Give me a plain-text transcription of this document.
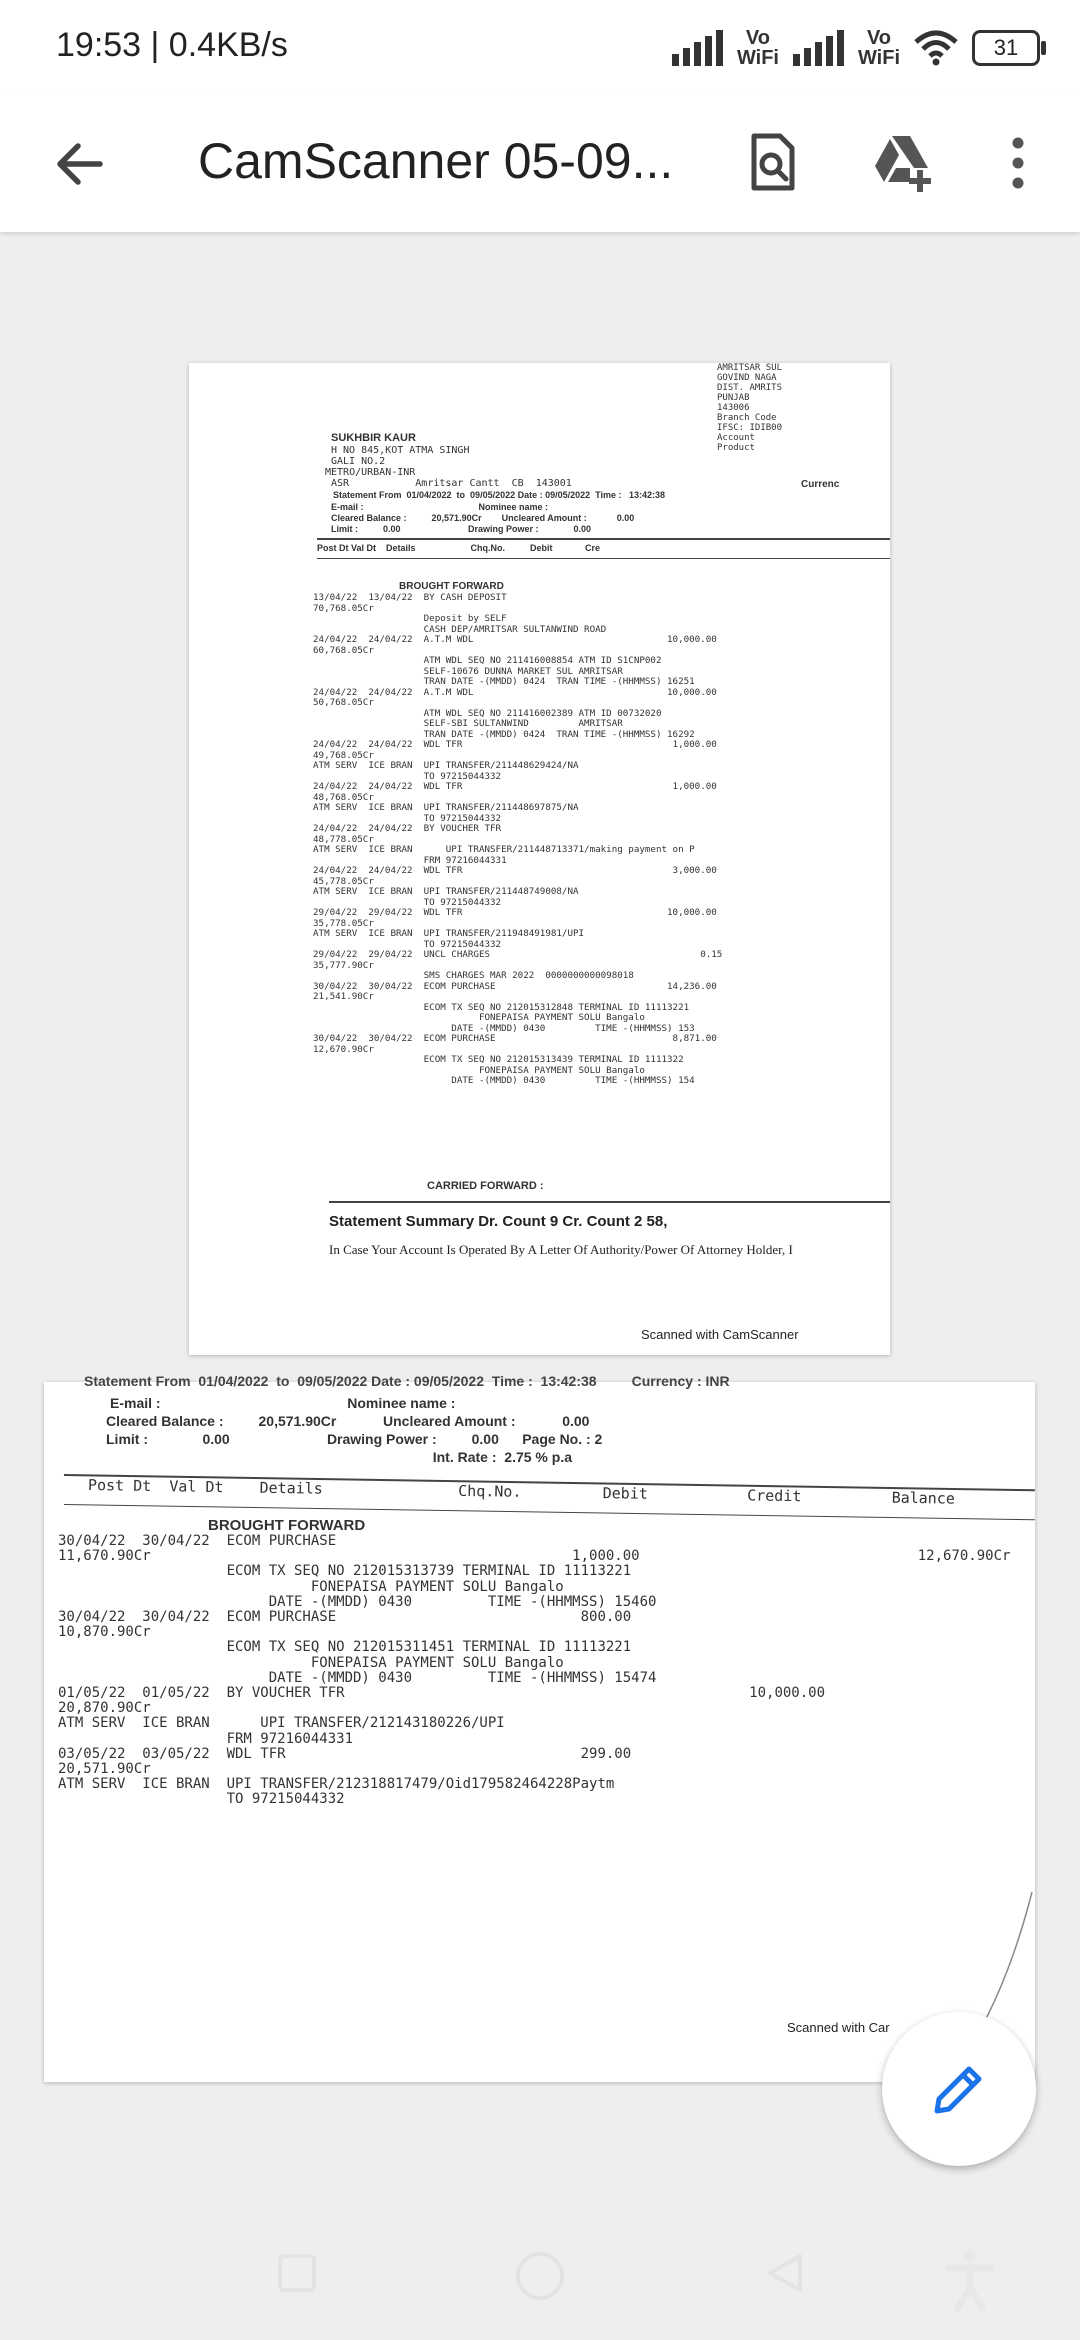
19:53 | 0.4KB/s	Vo
WiFi
Vo
WiFi	31
CamScanner 05-09...
AMRITSAR SUL
GOVIND NAGA
DIST. AMRITS
PUNJAB
143006
Branch Code
IFSC: IDIB00
Account
Product
SUKHBIR KAUR
H NO 845,KOT ATMA SINGH
GALI NO.2
METRO/URBAN-INR
ASR           Amritsar Cantt  CB  143001	Currenc
Statement From  01/04/2022  to  09/05/2022 Date : 09/05/2022  Time :   13:42:38
E-mail :                                              Nominee name :
Cleared Balance :          20,571.90Cr        Uncleared Amount :            0.00
Limit :          0.00                           Drawing Power :              0.00
Post Dt Val Dt    Details                      Chq.No.          Debit             Cre
BROUGHT FORWARD
13/04/22  13/04/22  BY CASH DEPOSIT
70,768.05Cr
Deposit by SELF
CASH DEP/AMRITSAR SULTANWIND ROAD
24/04/22  24/04/22  A.T.M WDL                                   10,000.00
60,768.05Cr
ATM WDL SEQ NO 211416008854 ATM ID S1CNP002
SELF-10676 DUNNA MARKET SUL AMRITSAR
TRAN DATE -(MMDD) 0424  TRAN TIME -(HHMMSS) 16251
24/04/22  24/04/22  A.T.M WDL                                   10,000.00
50,768.05Cr
ATM WDL SEQ NO 211416002389 ATM ID 00732020
SELF-SBI SULTANWIND         AMRITSAR
TRAN DATE -(MMDD) 0424  TRAN TIME -(HHMMSS) 16292
24/04/22  24/04/22  WDL TFR                                      1,000.00
49,768.05Cr
ATM SERV  ICE BRAN  UPI TRANSFER/211448629424/NA
TO 97215044332
24/04/22  24/04/22  WDL TFR                                      1,000.00
48,768.05Cr
ATM SERV  ICE BRAN  UPI TRANSFER/211448697875/NA
TO 97215044332
24/04/22  24/04/22  BY VOUCHER TFR
48,778.05Cr
ATM SERV  ICE BRAN      UPI TRANSFER/211448713371/making payment on P
FRM 97216044331
24/04/22  24/04/22  WDL TFR                                      3,000.00
45,778.05Cr
ATM SERV  ICE BRAN  UPI TRANSFER/211448749008/NA
TO 97215044332
29/04/22  29/04/22  WDL TFR                                     10,000.00
35,778.05Cr
ATM SERV  ICE BRAN  UPI TRANSFER/211948491981/UPI
TO 97215044332
29/04/22  29/04/22  UNCL CHARGES                                      0.15
35,777.90Cr
SMS CHARGES MAR 2022  0000000000098018
30/04/22  30/04/22  ECOM PURCHASE                               14,236.00
21,541.90Cr
ECOM TX SEQ NO 212015312848 TERMINAL ID 11113221
FONEPAISA PAYMENT SOLU Bangalo
DATE -(MMDD) 0430         TIME -(HHMMSS) 153
30/04/22  30/04/22  ECOM PURCHASE                                8,871.00
12,670.90Cr
ECOM TX SEQ NO 212015313439 TERMINAL ID 1111322
FONEPAISA PAYMENT SOLU Bangalo
DATE -(MMDD) 0430         TIME -(HHMMSS) 154
CARRIED FORWARD :
Statement Summary Dr. Count 9 Cr. Count 2 58,
In Case Your Account Is Operated By A Letter Of Authority/Power Of Attorney Holder, I
Scanned with CamScanner
Statement From  01/04/2022  to  09/05/2022 Date : 09/05/2022  Time :  13:42:38         Currency : INR
E-mail :                                                Nominee name :
Cleared Balance :         20,571.90Cr            Uncleared Amount :            0.00
Limit :              0.00                         Drawing Power :         0.00      Page No. : 2
Int. Rate :  2.75 % p.a
Post Dt  Val Dt    Details               Chq.No.         Debit           Credit          Balance
BROUGHT FORWARD
30/04/22  30/04/22  ECOM PURCHASE
11,670.90Cr                                                  1,000.00                                 12,670.90Cr
ECOM TX SEQ NO 212015313739 TERMINAL ID 11113221
FONEPAISA PAYMENT SOLU Bangalo
DATE -(MMDD) 0430         TIME -(HHMMSS) 15460
30/04/22  30/04/22  ECOM PURCHASE                             800.00
10,870.90Cr
ECOM TX SEQ NO 212015311451 TERMINAL ID 11113221
FONEPAISA PAYMENT SOLU Bangalo
DATE -(MMDD) 0430         TIME -(HHMMSS) 15474
01/05/22  01/05/22  BY VOUCHER TFR                                                10,000.00
20,870.90Cr
ATM SERV  ICE BRAN      UPI TRANSFER/212143180226/UPI
FRM 97216044331
03/05/22  03/05/22  WDL TFR                                   299.00
20,571.90Cr
ATM SERV  ICE BRAN  UPI TRANSFER/212318817479/Oid179582464228Paytm
TO 97215044332
Scanned with Car
